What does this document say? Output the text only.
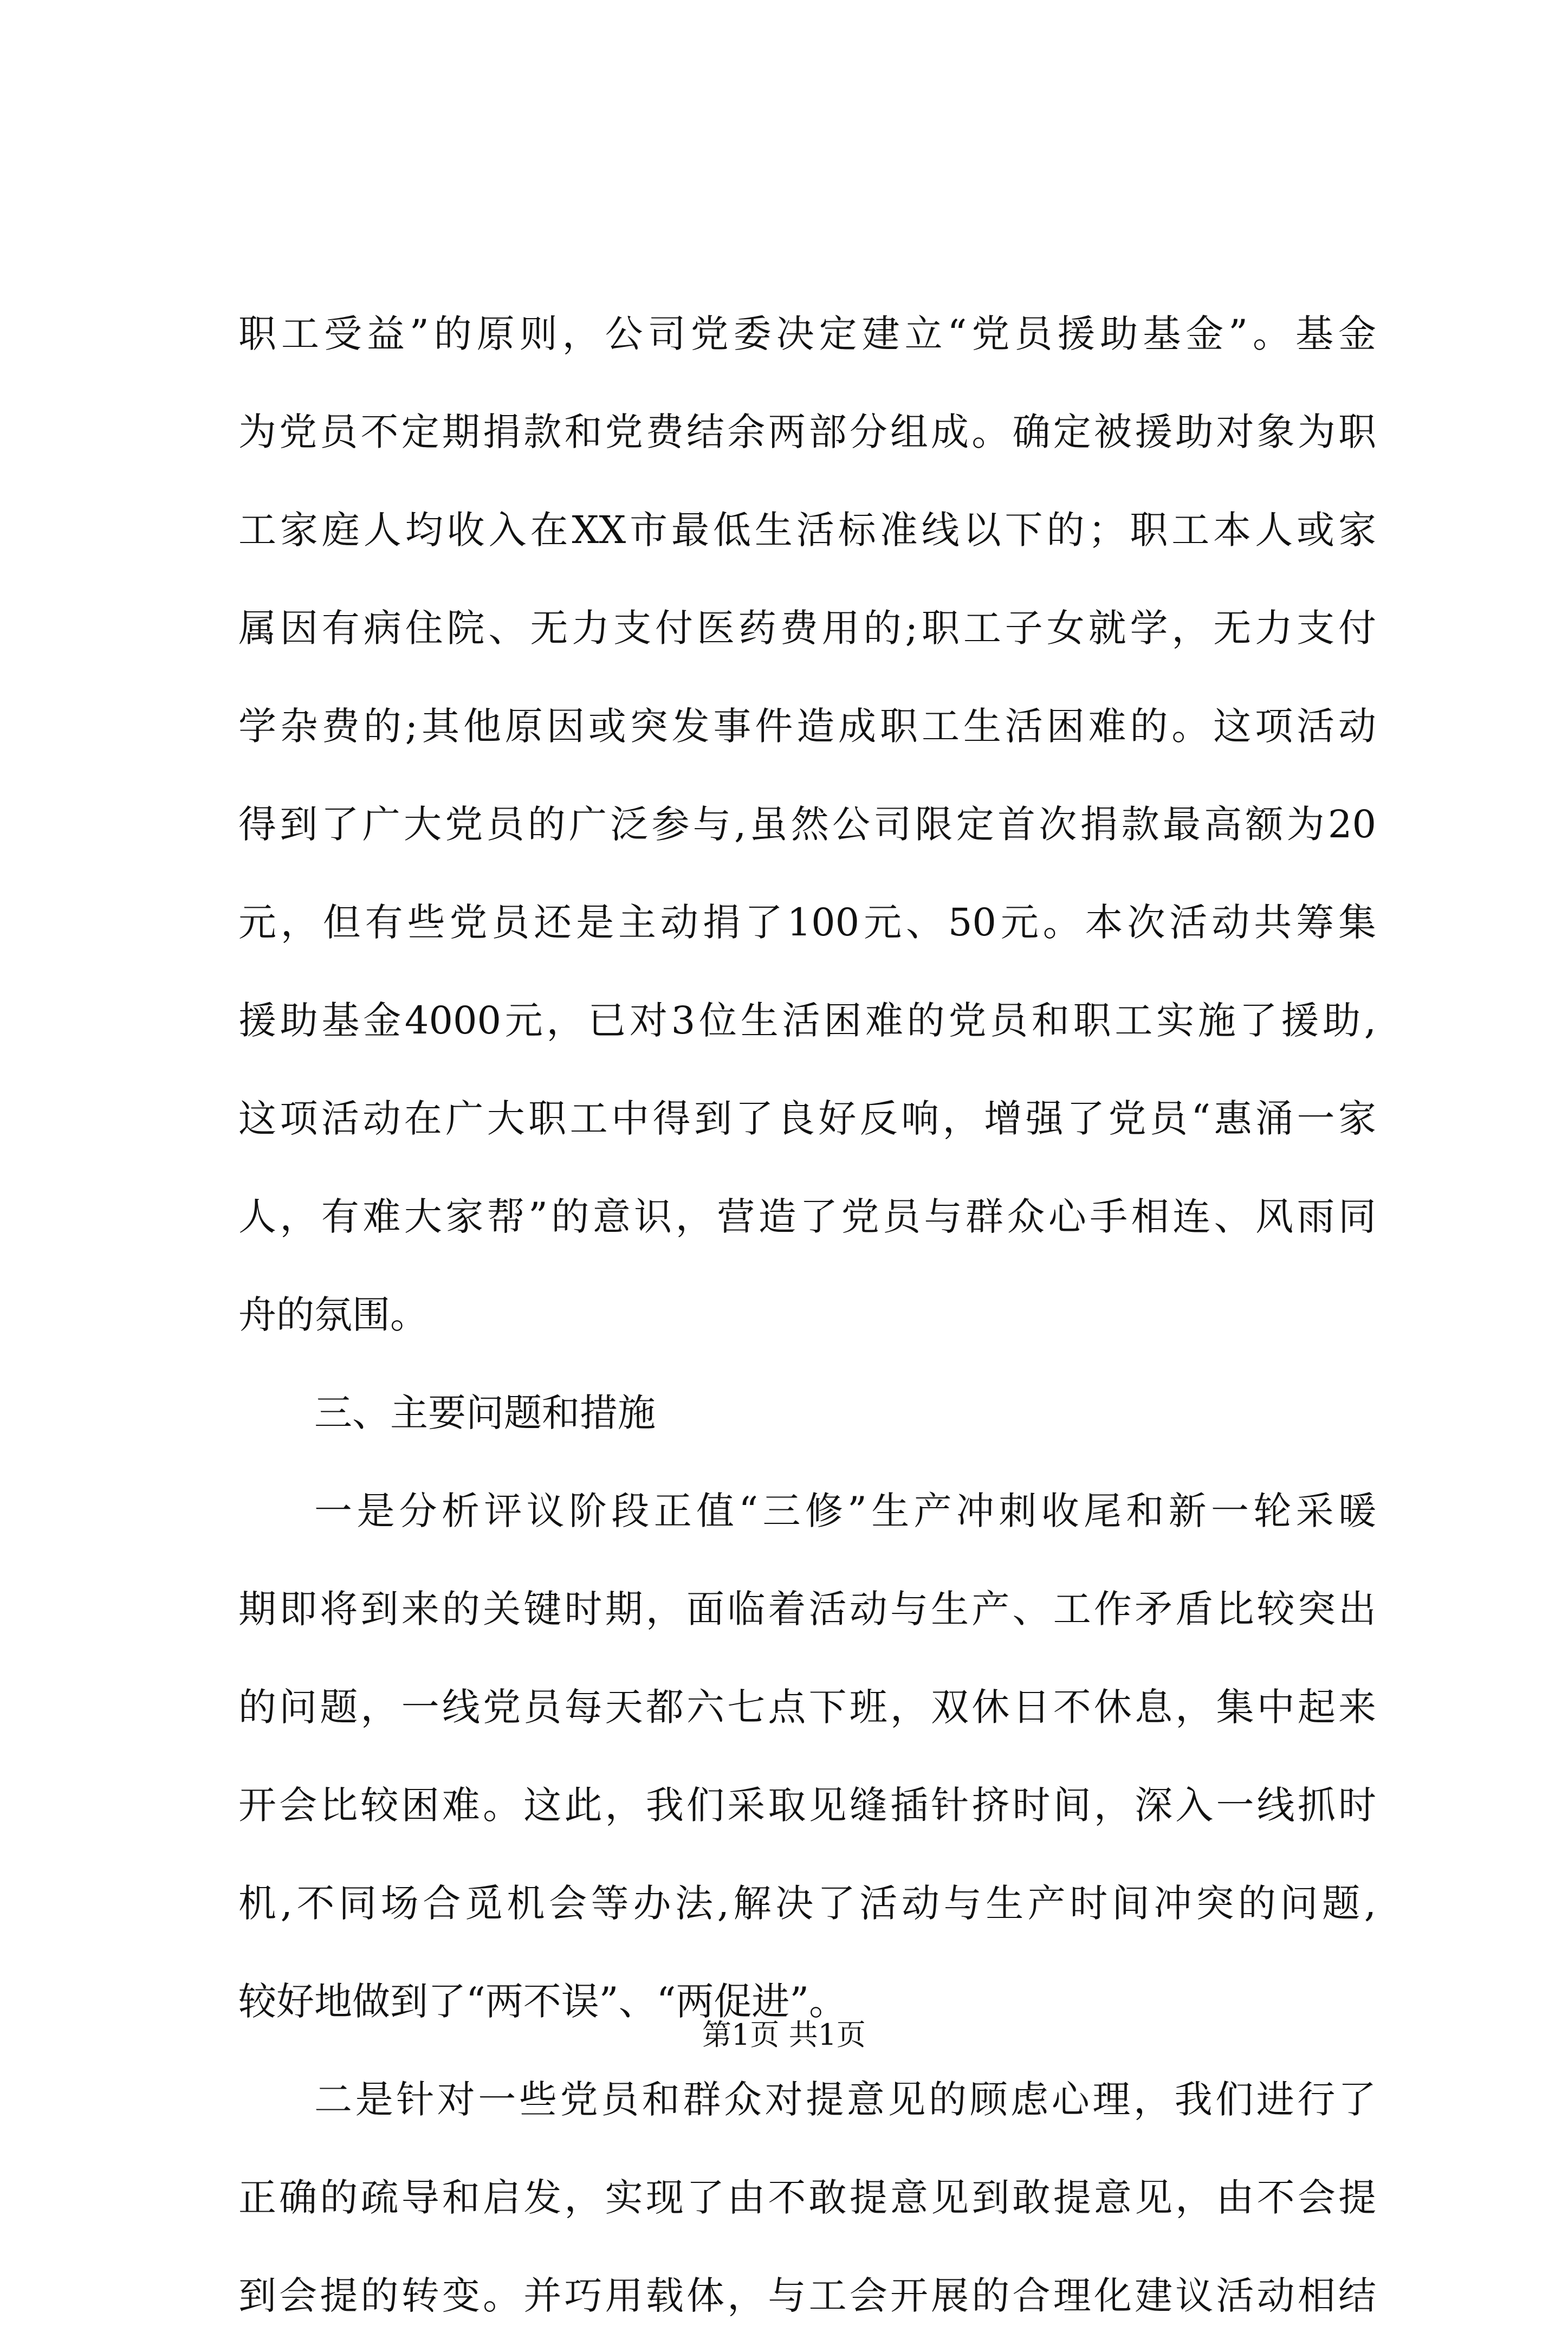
职工受益”的原则，公司党委决定建立“党员援助基金”。基金
为党员不定期捐款和党费结余两部分组成。确定被援助对象为职
工家庭人均收入在XX市最低生活标准线以下的；职工本人或家
属因有病住院、无力支付医药费用的;职工子女就学，无力支付
学杂费的;其他原因或突发事件造成职工生活困难的。这项活动
得到了广大党员的广泛参与,虽然公司限定首次捐款最高额为20
元，但有些党员还是主动捐了100元、50元。本次活动共筹集
援助基金4000元，已对3位生活困难的党员和职工实施了援助,
这项活动在广大职工中得到了良好反响，增强了党员“惠涌一家
人，有难大家帮”的意识，营造了党员与群众心手相连、风雨同
舟的氛围。
三、主要问题和措施
一是分析评议阶段正值“三修”生产冲刺收尾和新一轮采暖
期即将到来的关键时期，面临着活动与生产、工作矛盾比较突出
的问题，一线党员每天都六七点下班，双休日不休息，集中起来
开会比较困难。这此，我们采取见缝插针挤时间，深入一线抓时
机,不同场合觅机会等办法,解决了活动与生产时间冲突的问题,
较好地做到了“两不误”、“两促进”。
二是针对一些党员和群众对提意见的顾虑心理，我们进行了
正确的疏导和启发，实现了由不敢提意见到敢提意见，由不会提
到会提的转变。并巧用载体，与工会开展的合理化建议活动相结
第1页 共1页
